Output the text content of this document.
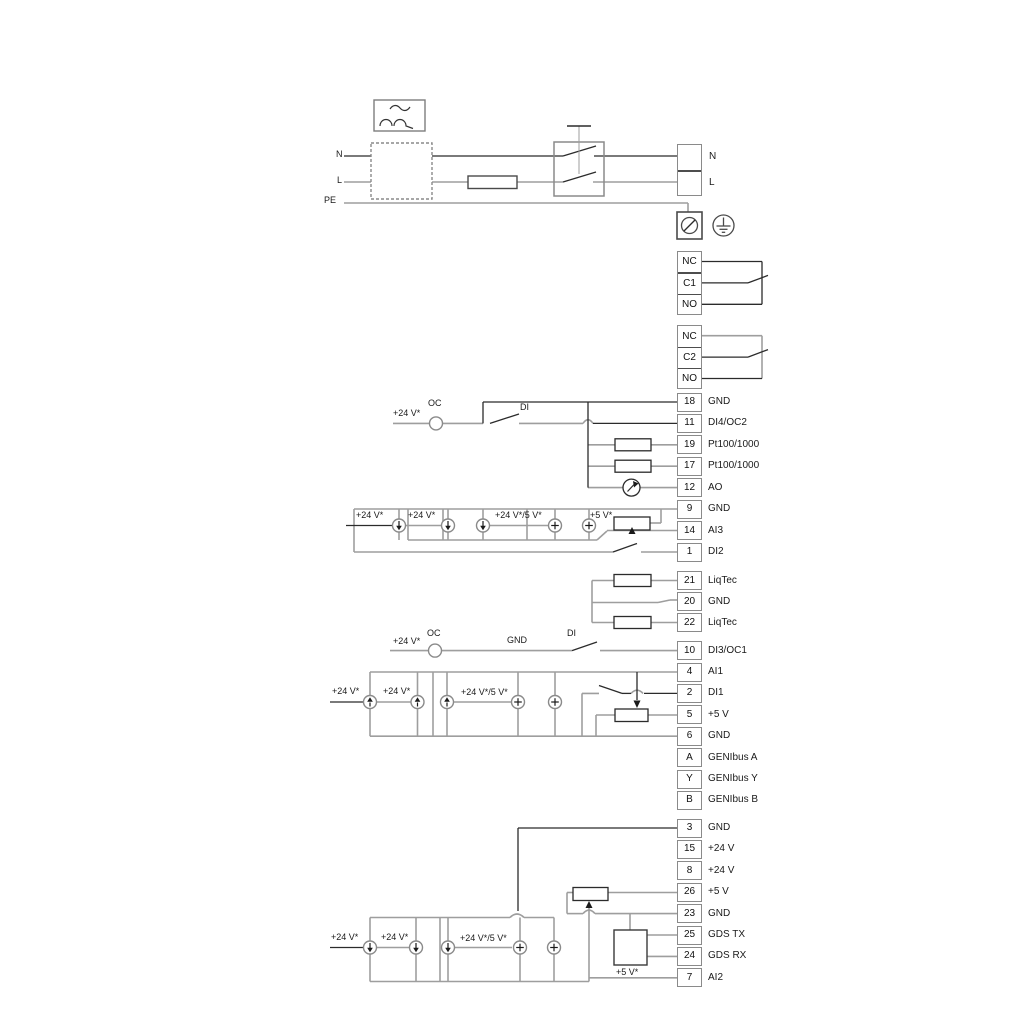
N
L
NC
C1
NO
NC
C2
NO
18	GND
11	DI4/OC2
19	Pt100/1000
17	Pt100/1000
12	AO
9	GND
14	AI3
1	DI2
21	LiqTec
20	GND
22	LiqTec
10	DI3/OC1
4	AI1
2	DI1
5	+5 V
6	GND
A	GENIbus A
Y	GENIbus Y
B	GENIbus B
3	GND
15	+24 V
8	+24 V
26	+5 V
23	GND
25	GDS TX
24	GDS RX
7	AI2
N
L
PE
+24 V*
OC	DI
+24 V*	+24 V*	+24 V*/5 V*	+5 V*
+24 V*
OC
GND
DI
+24 V*	+24 V*	+24 V*/5 V*
+24 V*	+24 V*	+24 V*/5 V*
+5 V*
